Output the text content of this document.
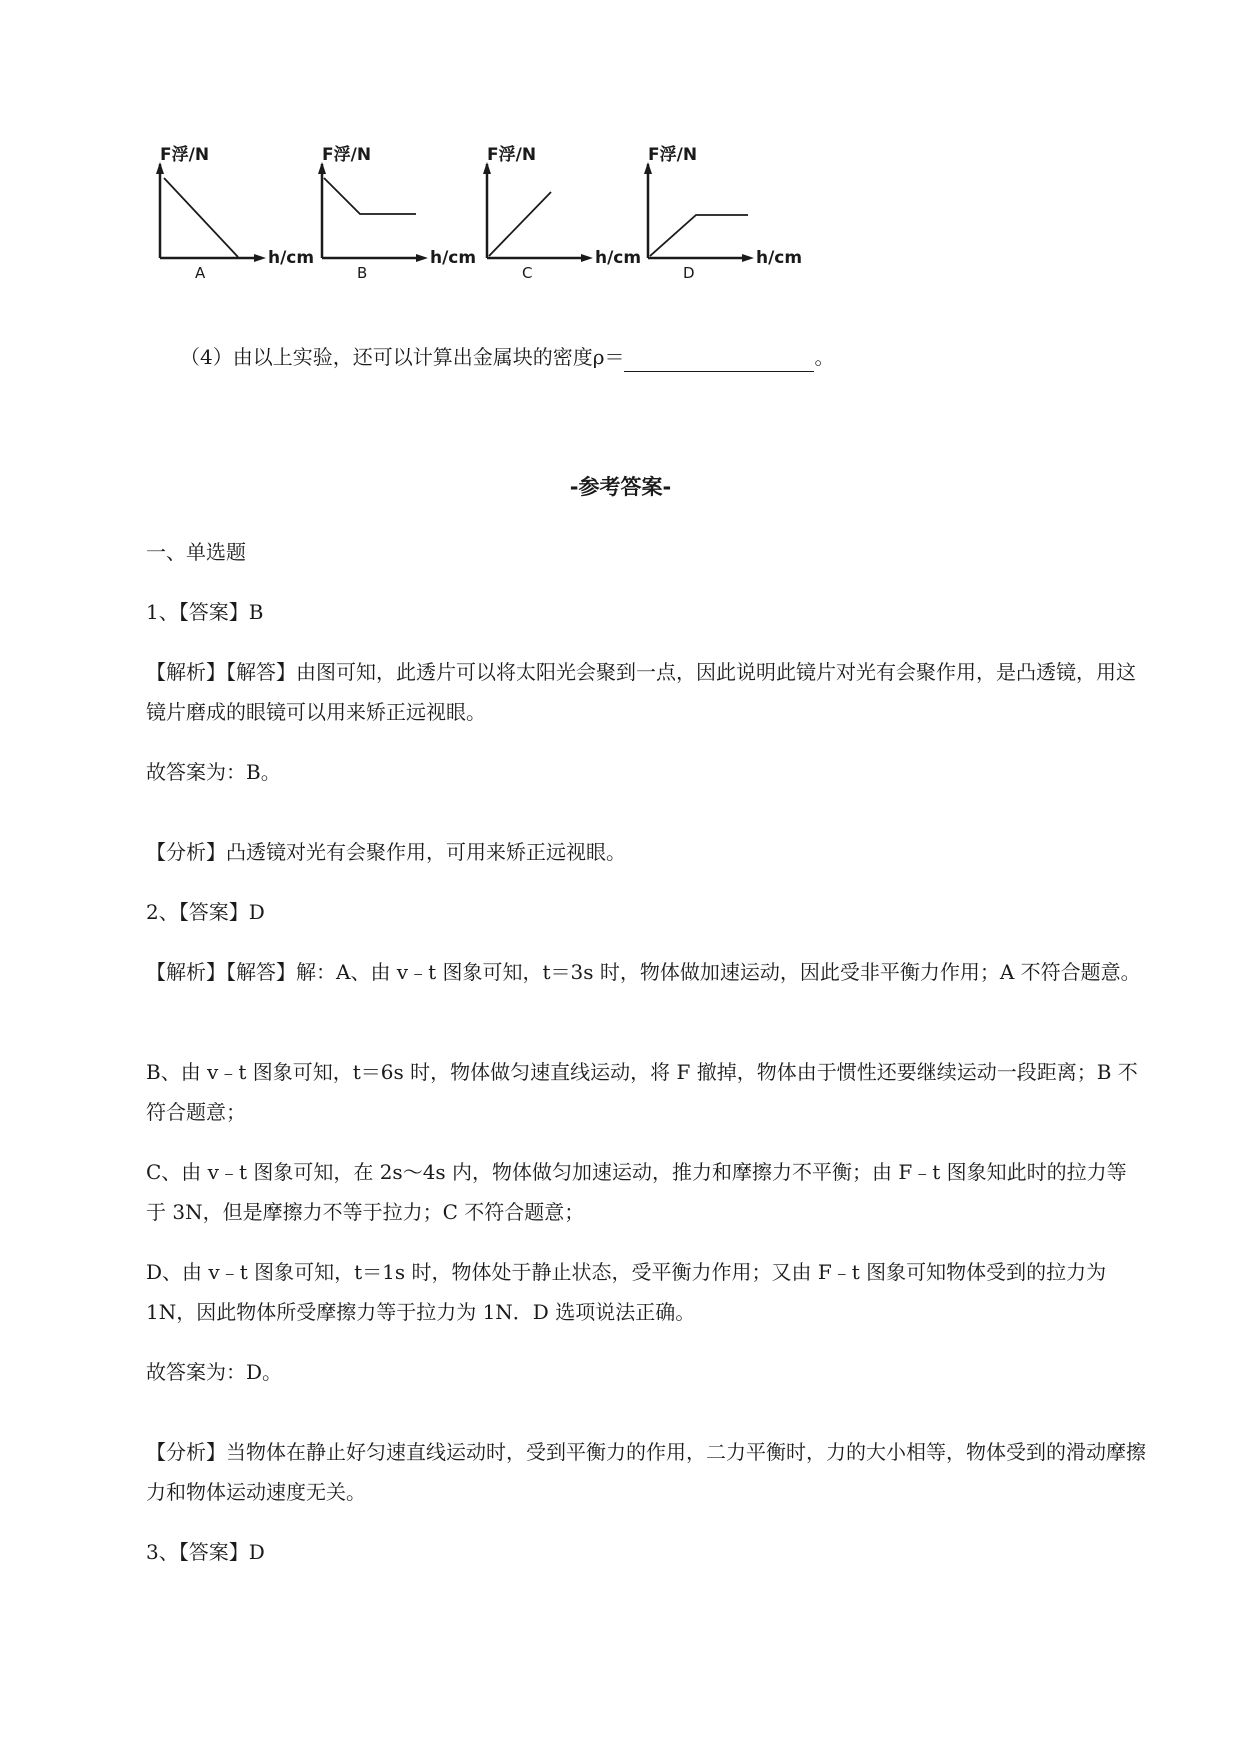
F浮/N
h/cm
A
F浮/N
h/cm
B
F浮/N
h/cm
C
F浮/N
h/cm
D

（4）由以上实验，还可以计算出金属块的密度ρ＝	。

-参考答案-

一、单选题

1、【答案】B

【解析】【解答】由图可知，此透片可以将太阳光会聚到一点，因此说明此镜片对光有会聚作用，是凸透镜，用这镜片磨成的眼镜可以用来矫正远视眼。

故答案为：B。

【分析】凸透镜对光有会聚作用，可用来矫正远视眼。

2、【答案】D

【解析】【解答】解：A、由 v﹣t 图象可知，t＝3s 时，物体做加速运动，因此受非平衡力作用；A 不符合题意。

B、由 v﹣t 图象可知，t＝6s 时，物体做匀速直线运动，将 F 撤掉，物体由于惯性还要继续运动一段距离；B 不符合题意；

C、由 v﹣t 图象可知，在 2s～4s 内，物体做匀加速运动，推力和摩擦力不平衡；由 F﹣t 图象知此时的拉力等于 3N，但是摩擦力不等于拉力；C 不符合题意；

D、由 v﹣t 图象可知，t＝1s 时，物体处于静止状态，受平衡力作用；又由 F﹣t 图象可知物体受到的拉力为 1N，因此物体所受摩擦力等于拉力为 1N．D 选项说法正确。

故答案为：D。

【分析】当物体在静止好匀速直线运动时，受到平衡力的作用，二力平衡时，力的大小相等，物体受到的滑动摩擦力和物体运动速度无关。

3、【答案】D
